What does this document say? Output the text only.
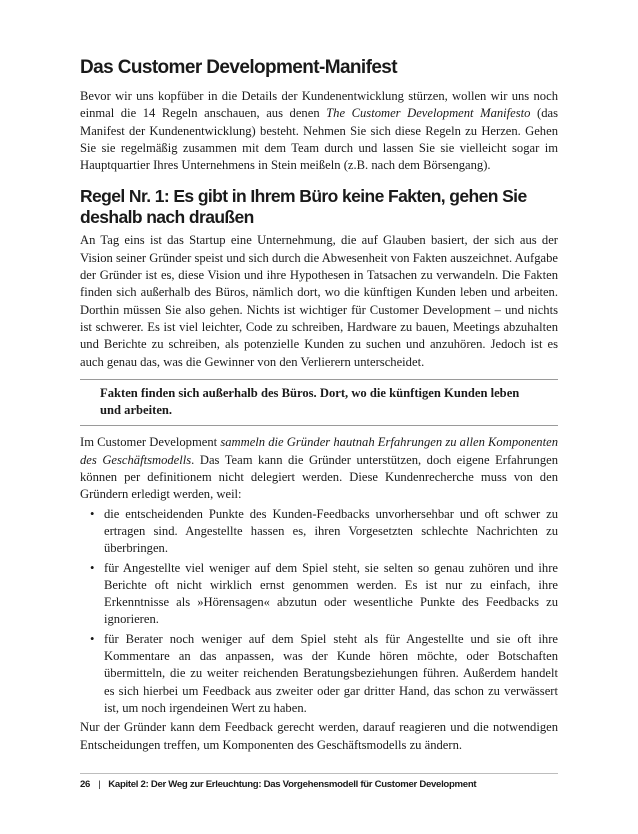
Das Customer Development-Manifest

Bevor wir uns kopfüber in die Details der Kundenentwicklung stürzen, wollen wir uns noch einmal die 14 Regeln anschauen, aus denen The Customer Development Manifesto (das Manifest der Kundenentwicklung) besteht. Nehmen Sie sich diese Regeln zu Herzen. Gehen Sie sie regelmäßig zusammen mit dem Team durch und lassen Sie sie vielleicht sogar im Hauptquartier Ihres Unternehmens in Stein meißeln (z.B. nach dem Börsengang).

Regel Nr. 1: Es gibt in Ihrem Büro keine Fakten, gehen Sie deshalb nach draußen

An Tag eins ist das Startup eine Unternehmung, die auf Glauben basiert, der sich aus der Vision seiner Gründer speist und sich durch die Abwesenheit von Fakten auszeichnet. Aufgabe der Gründer ist es, diese Vision und ihre Hypothesen in Tatsachen zu verwandeln. Die Fakten finden sich außerhalb des Büros, nämlich dort, wo die künftigen Kunden leben und arbeiten. Dorthin müssen Sie also gehen. Nichts ist wichtiger für Customer Development – und nichts ist schwerer. Es ist viel leichter, Code zu schreiben, Hardware zu bauen, Meetings abzuhalten und Berichte zu schreiben, als potenzielle Kunden zu suchen und anzuhören. Jedoch ist es auch genau das, was die Gewinner von den Verlierern unterscheidet.

Fakten finden sich außerhalb des Büros. Dort, wo die künftigen Kunden leben und arbeiten.

Im Customer Development sammeln die Gründer hautnah Erfahrungen zu allen Komponenten des Geschäftsmodells. Das Team kann die Gründer unterstützen, doch eigene Erfahrungen können per definitionem nicht delegiert werden. Diese Kundenrecherche muss von den Gründern erledigt werden, weil:

• die entscheidenden Punkte des Kunden-Feedbacks unvorhersehbar und oft schwer zu ertragen sind. Angestellte hassen es, ihren Vorgesetzten schlechte Nachrichten zu überbringen.
• für Angestellte viel weniger auf dem Spiel steht, sie selten so genau zuhören und ihre Berichte oft nicht wirklich ernst genommen werden. Es ist nur zu einfach, ihre Erkenntnisse als »Hörensagen« abzutun oder wesentliche Punkte des Feedbacks zu ignorieren.
• für Berater noch weniger auf dem Spiel steht als für Angestellte und sie oft ihre Kommentare an das anpassen, was der Kunde hören möchte, oder Botschaften übermitteln, die zu weiter reichenden Beratungsbeziehungen führen. Außerdem handelt es sich hierbei um Feedback aus zweiter oder gar dritter Hand, das schon zu verwässert ist, um noch irgendeinen Wert zu haben.

Nur der Gründer kann dem Feedback gerecht werden, darauf reagieren und die notwendigen Entscheidungen treffen, um Komponenten des Geschäftsmodells zu ändern.

26 | Kapitel 2: Der Weg zur Erleuchtung: Das Vorgehensmodell für Customer Development
